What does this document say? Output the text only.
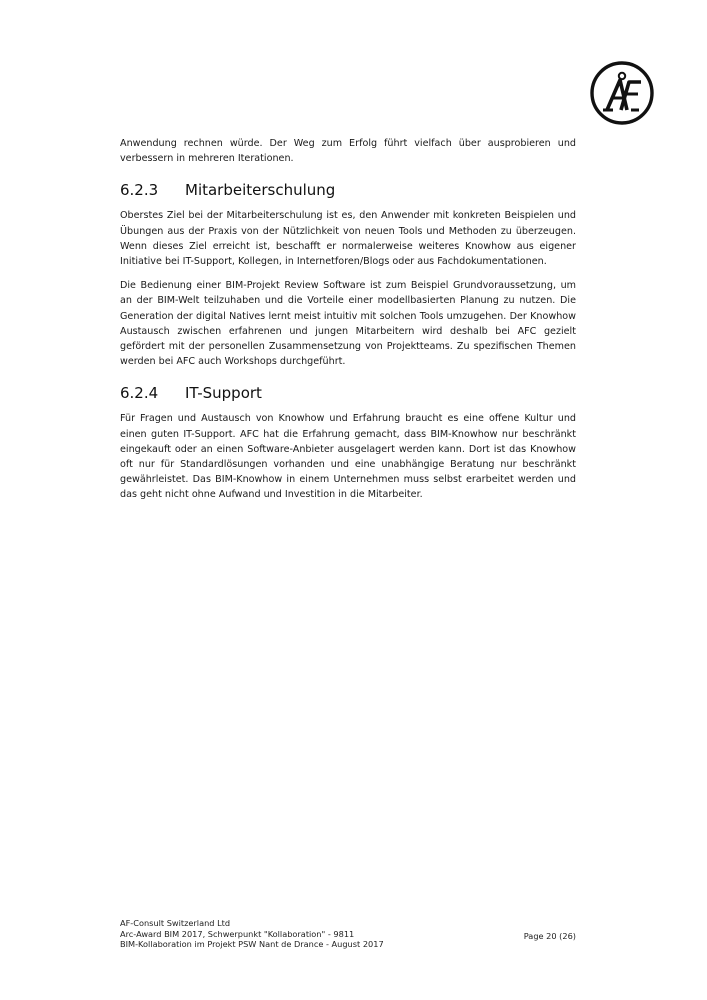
Anwendung rechnen würde. Der Weg zum Erfolg führt vielfach über ausprobieren und verbessern in mehreren Iterationen.

6.2.3 Mitarbeiterschulung

Oberstes Ziel bei der Mitarbeiterschulung ist es, den Anwender mit konkreten Beispielen und Übungen aus der Praxis von der Nützlichkeit von neuen Tools und Methoden zu überzeugen. Wenn dieses Ziel erreicht ist, beschafft er normalerweise weiteres Knowhow aus eigener Initiative bei IT-Support, Kollegen, in Internetforen/Blogs oder aus Fachdokumentationen.

Die Bedienung einer BIM-Projekt Review Software ist zum Beispiel Grundvoraussetzung, um an der BIM-Welt teilzuhaben und die Vorteile einer modellbasierten Planung zu nutzen. Die Generation der digital Natives lernt meist intuitiv mit solchen Tools umzugehen. Der Knowhow Austausch zwischen erfahrenen und jungen Mitarbeitern wird deshalb bei AFC gezielt gefördert mit der personellen Zusammensetzung von Projektteams. Zu spezifischen Themen werden bei AFC auch Workshops durchgeführt.

6.2.4 IT-Support

Für Fragen und Austausch von Knowhow und Erfahrung braucht es eine offene Kultur und einen guten IT-Support. AFC hat die Erfahrung gemacht, dass BIM-Knowhow nur beschränkt eingekauft oder an einen Software-Anbieter ausgelagert werden kann. Dort ist das Knowhow oft nur für Standardlösungen vorhanden und eine unabhängige Beratung nur beschränkt gewährleistet. Das BIM-Knowhow in einem Unternehmen muss selbst erarbeitet werden und das geht nicht ohne Aufwand und Investition in die Mitarbeiter.

AF-Consult Switzerland Ltd
Arc-Award BIM 2017, Schwerpunkt "Kollaboration" - 9811
BIM-Kollaboration im Projekt PSW Nant de Drance - August 2017
Page 20 (26)
